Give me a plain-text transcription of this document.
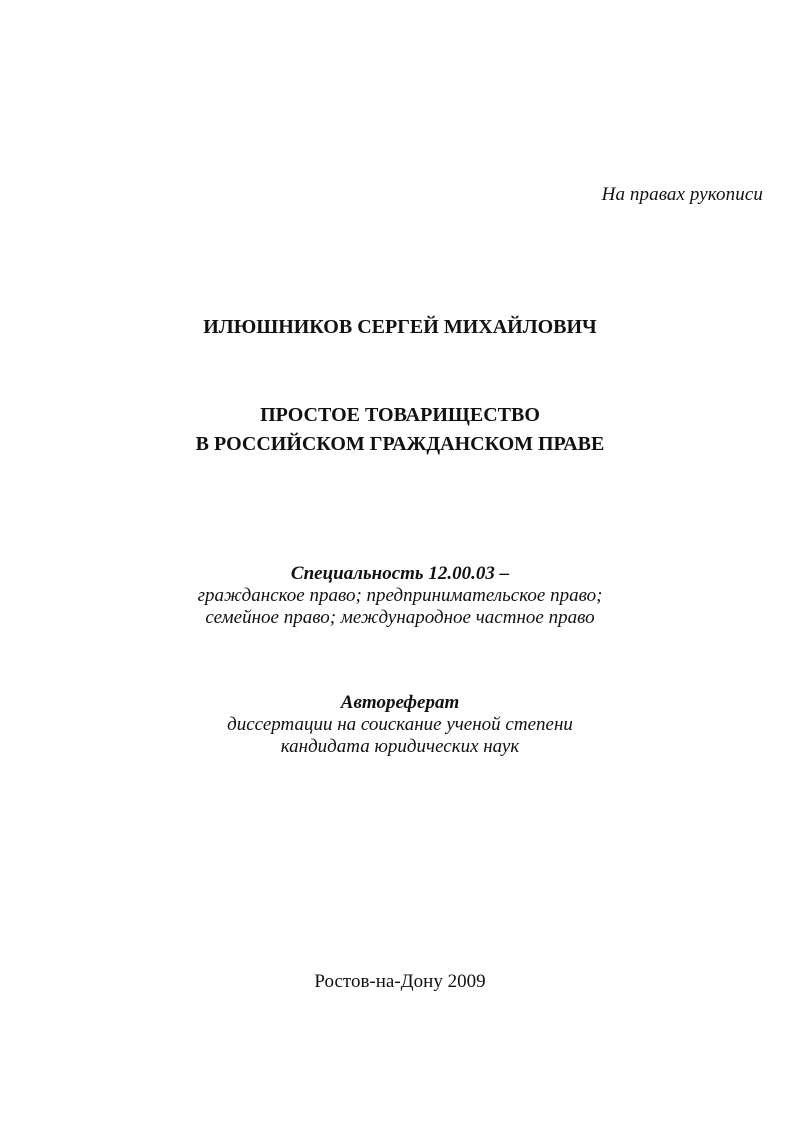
На правах рукописи
ИЛЮШНИКОВ СЕРГЕЙ МИХАЙЛОВИЧ
ПРОСТОЕ ТОВАРИЩЕСТВО
В РОССИЙСКОМ ГРАЖДАНСКОМ ПРАВЕ
Специальность 12.00.03 –
гражданское право; предпринимательское право;
семейное право; международное частное право
Автореферат
диссертации на соискание ученой степени
кандидата юридических наук
Ростов-на-Дону 2009
